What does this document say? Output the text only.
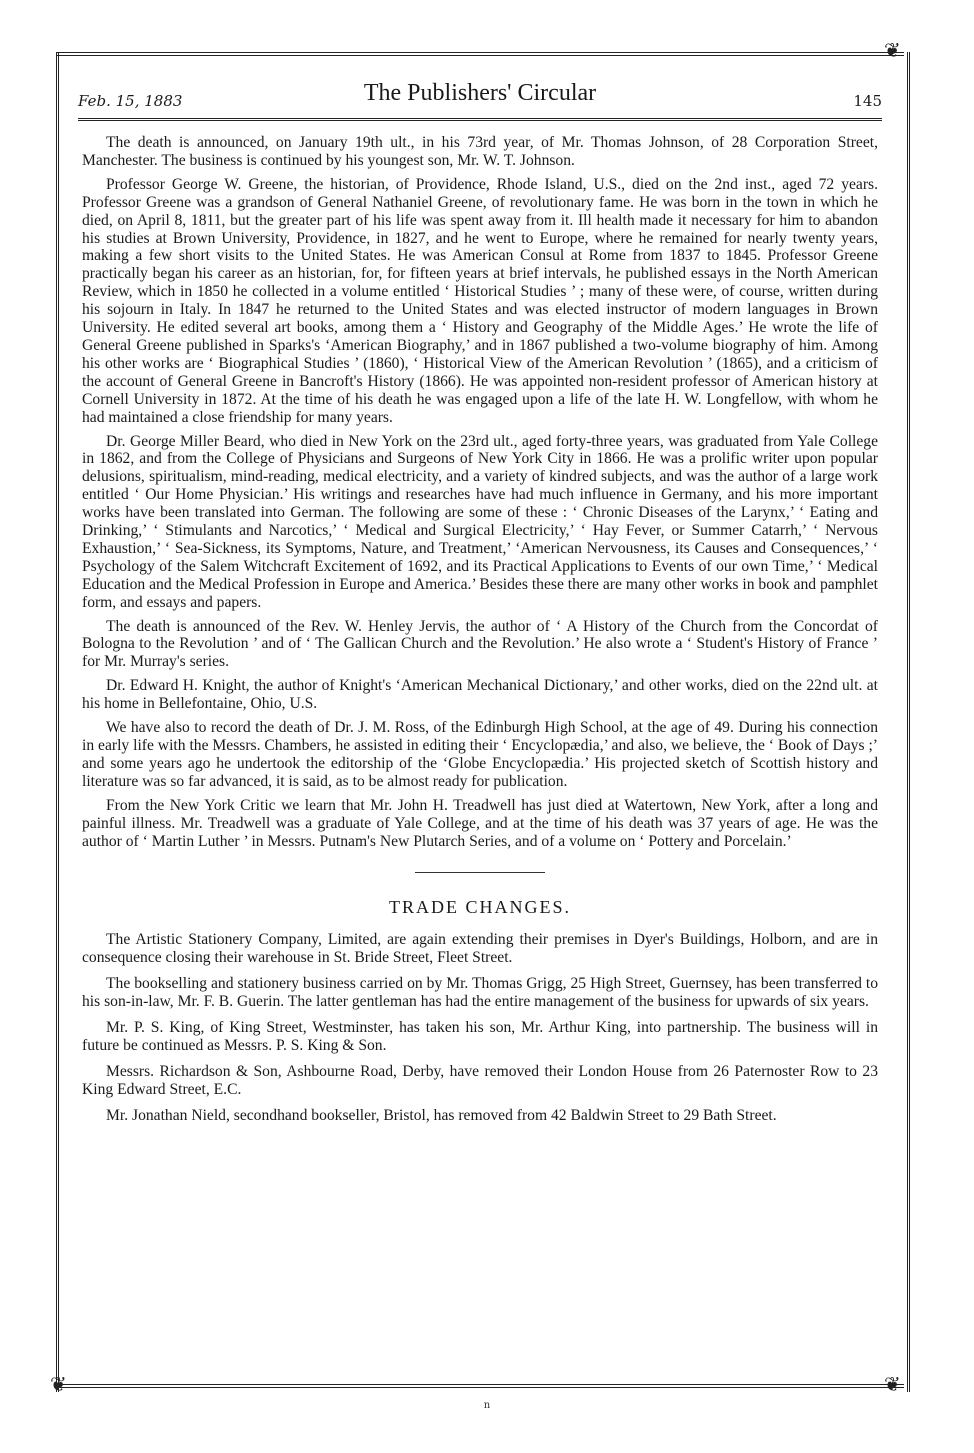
❦
❦
❦
Feb. 15, 1883	The Publishers' Circular	145

The death is announced, on January 19th ult., in his 73rd year, of Mr. Thomas Johnson, of 28 Corporation Street, Manchester. The business is continued by his youngest son, Mr. W. T. Johnson.

Professor George W. Greene, the historian, of Providence, Rhode Island, U.S., died on the 2nd inst., aged 72 years. Professor Greene was a grandson of General Nathaniel Greene, of revolutionary fame. He was born in the town in which he died, on April 8, 1811, but the greater part of his life was spent away from it. Ill health made it necessary for him to abandon his studies at Brown University, Providence, in 1827, and he went to Europe, where he remained for nearly twenty years, making a few short visits to the United States. He was American Consul at Rome from 1837 to 1845. Professor Greene practically began his career as an historian, for, for fifteen years at brief intervals, he published essays in the North American Review, which in 1850 he collected in a volume entitled ‘ Historical Studies ’ ; many of these were, of course, written during his sojourn in Italy. In 1847 he returned to the United States and was elected instructor of modern languages in Brown University. He edited several art books, among them a ‘ History and Geography of the Middle Ages.’ He wrote the life of General Greene published in Sparks's ‘American Biography,’ and in 1867 published a two-volume biography of him. Among his other works are ‘ Biographical Studies ’ (1860), ‘ Historical View of the American Revolution ’ (1865), and a criticism of the account of General Greene in Bancroft's History (1866). He was appointed non-resident professor of American history at Cornell University in 1872. At the time of his death he was engaged upon a life of the late H. W. Longfellow, with whom he had maintained a close friendship for many years.

Dr. George Miller Beard, who died in New York on the 23rd ult., aged forty-three years, was graduated from Yale College in 1862, and from the College of Physicians and Surgeons of New York City in 1866. He was a prolific writer upon popular delusions, spiritualism, mind-reading, medical electricity, and a variety of kindred subjects, and was the author of a large work entitled ‘ Our Home Physician.’ His writings and researches have had much influence in Germany, and his more important works have been translated into German. The following are some of these : ‘ Chronic Diseases of the Larynx,’ ‘ Eating and Drinking,’ ‘ Stimulants and Narcotics,’ ‘ Medical and Surgical Electricity,’ ‘ Hay Fever, or Summer Catarrh,’ ‘ Nervous Exhaustion,’ ‘ Sea-Sickness, its Symptoms, Nature, and Treatment,’ ‘American Nervousness, its Causes and Consequences,’ ‘ Psychology of the Salem Witchcraft Excitement of 1692, and its Practical Applications to Events of our own Time,’ ‘ Medical Education and the Medical Profession in Europe and America.’ Besides these there are many other works in book and pamphlet form, and essays and papers.

The death is announced of the Rev. W. Henley Jervis, the author of ‘ A History of the Church from the Concordat of Bologna to the Revolution ’ and of ‘ The Gallican Church and the Revolution.’ He also wrote a ‘ Student's History of France ’ for Mr. Murray's series.

Dr. Edward H. Knight, the author of Knight's ‘American Mechanical Dictionary,’ and other works, died on the 22nd ult. at his home in Bellefontaine, Ohio, U.S.

We have also to record the death of Dr. J. M. Ross, of the Edinburgh High School, at the age of 49. During his connection in early life with the Messrs. Chambers, he assisted in editing their ‘ Encyclopædia,’ and also, we believe, the ‘ Book of Days ;’ and some years ago he undertook the editorship of the ‘Globe Encyclopædia.’ His projected sketch of Scottish history and literature was so far advanced, it is said, as to be almost ready for publication.

From the New York Critic we learn that Mr. John H. Treadwell has just died at Watertown, New York, after a long and painful illness. Mr. Treadwell was a graduate of Yale College, and at the time of his death was 37 years of age. He was the author of ‘ Martin Luther ’ in Messrs. Putnam's New Plutarch Series, and of a volume on ‘ Pottery and Porcelain.’

TRADE CHANGES.

The Artistic Stationery Company, Limited, are again extending their premises in Dyer's Buildings, Holborn, and are in consequence closing their warehouse in St. Bride Street, Fleet Street.

The bookselling and stationery business carried on by Mr. Thomas Grigg, 25 High Street, Guernsey, has been transferred to his son-in-law, Mr. F. B. Guerin. The latter gentleman has had the entire management of the business for upwards of six years.

Mr. P. S. King, of King Street, Westminster, has taken his son, Mr. Arthur King, into partnership. The business will in future be continued as Messrs. P. S. King & Son.

Messrs. Richardson & Son, Ashbourne Road, Derby, have removed their London House from 26 Paternoster Row to 23 King Edward Street, E.C.

Mr. Jonathan Nield, secondhand bookseller, Bristol, has removed from 42 Baldwin Street to 29 Bath Street.

n
